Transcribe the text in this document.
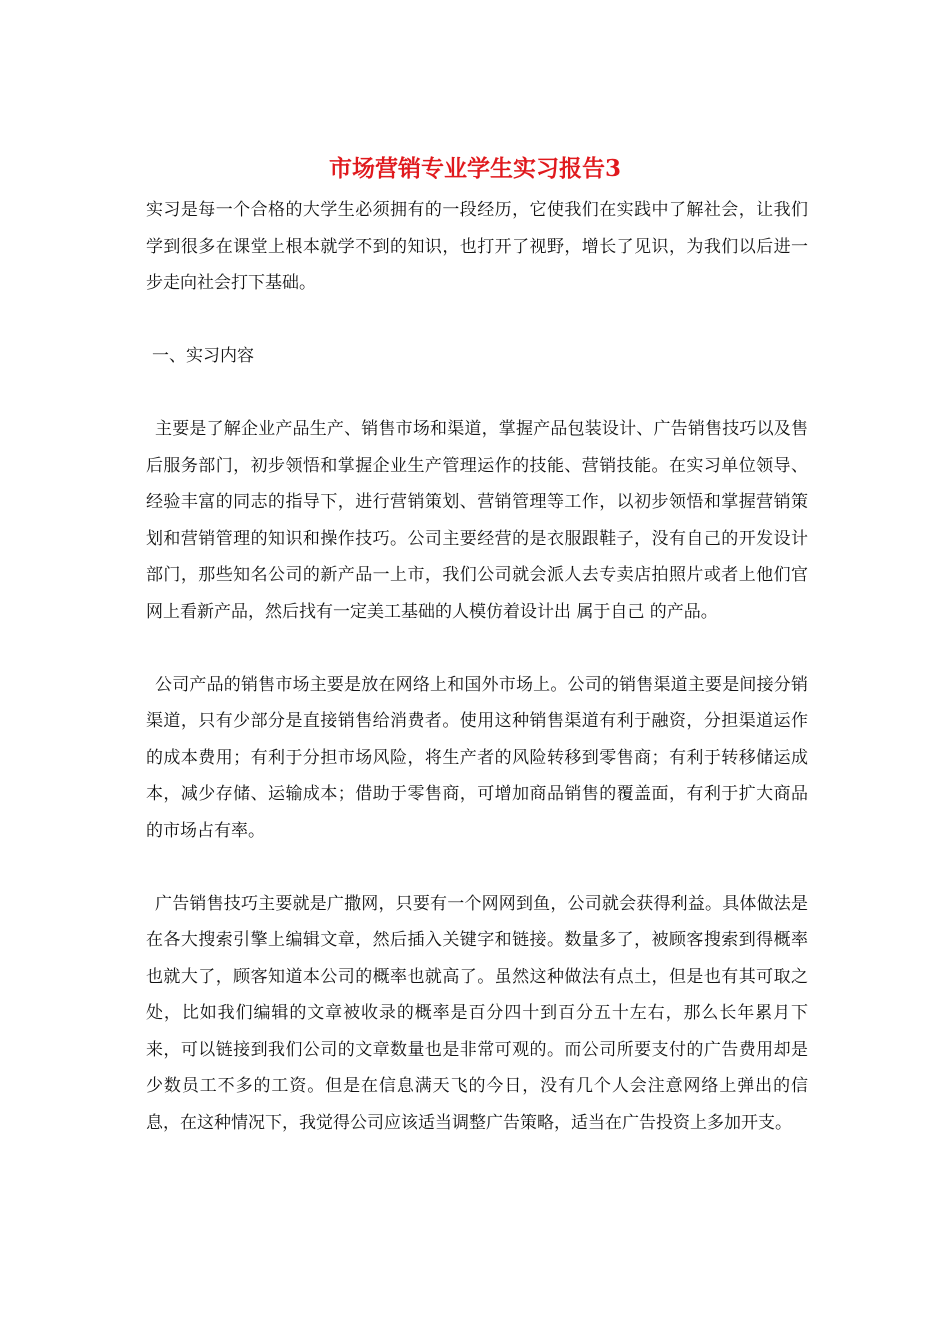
市场营销专业学生实习报告3

实习是每一个合格的大学生必须拥有的一段经历，它使我们在实践中了解社会，让我们学到很多在课堂上根本就学不到的知识，也打开了视野，增长了见识，为我们以后进一步走向社会打下基础。

一、实习内容

主要是了解企业产品生产、销售市场和渠道，掌握产品包装设计、广告销售技巧以及售后服务部门，初步领悟和掌握企业生产管理运作的技能、营销技能。在实习单位领导、经验丰富的同志的指导下，进行营销策划、营销管理等工作，以初步领悟和掌握营销策划和营销管理的知识和操作技巧。公司主要经营的是衣服跟鞋子，没有自己的开发设计部门，那些知名公司的新产品一上市，我们公司就会派人去专卖店拍照片或者上他们官网上看新产品，然后找有一定美工基础的人模仿着设计出 属于自己 的产品。

公司产品的销售市场主要是放在网络上和国外市场上。公司的销售渠道主要是间接分销渠道，只有少部分是直接销售给消费者。使用这种销售渠道有利于融资，分担渠道运作的成本费用；有利于分担市场风险，将生产者的风险转移到零售商；有利于转移储运成本，减少存储、运输成本；借助于零售商，可增加商品销售的覆盖面，有利于扩大商品的市场占有率。

广告销售技巧主要就是广撒网，只要有一个网网到鱼，公司就会获得利益。具体做法是在各大搜索引擎上编辑文章，然后插入关键字和链接。数量多了，被顾客搜索到得概率也就大了，顾客知道本公司的概率也就高了。虽然这种做法有点土，但是也有其可取之处，比如我们编辑的文章被收录的概率是百分四十到百分五十左右，那么长年累月下来，可以链接到我们公司的文章数量也是非常可观的。而公司所要支付的广告费用却是少数员工不多的工资。但是在信息满天飞的今日，没有几个人会注意网络上弹出的信息，在这种情况下，我觉得公司应该适当调整广告策略，适当在广告投资上多加开支。
